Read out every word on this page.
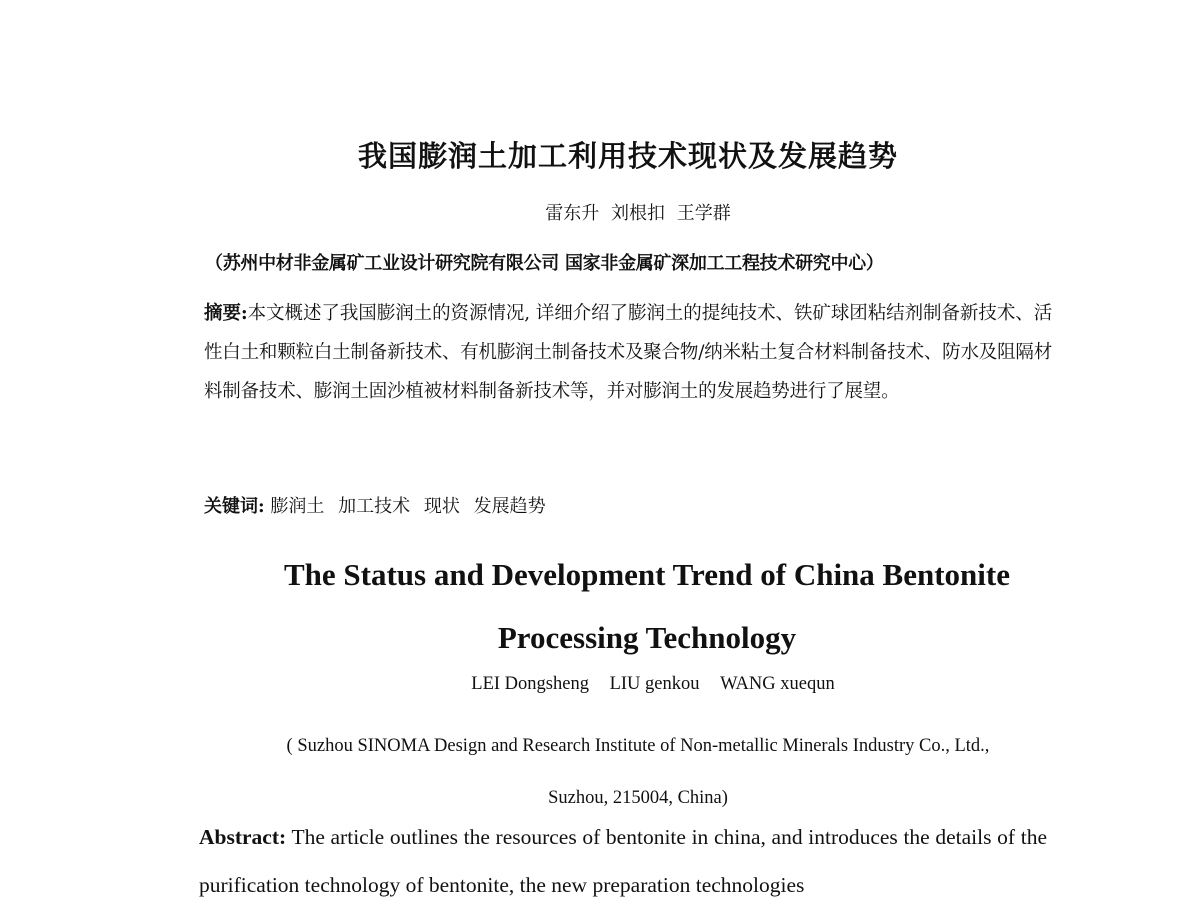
我国膨润土加工利用技术现状及发展趋势
雷东升 刘根扣 王学群
（苏州中材非金属矿工业设计研究院有限公司 国家非金属矿深加工工程技术研究中心）
摘要:本文概述了我国膨润土的资源情况, 详细介绍了膨润土的提纯技术、铁矿球团粘结剂制备新技术、活性白土和颗粒白土制备新技术、有机膨润土制备技术及聚合物/纳米粘土复合材料制备技术、防水及阻隔材料制备技术、膨润土固沙植被材料制备新技术等，并对膨润土的发展趋势进行了展望。
关键词: 膨润土 加工技术 现状 发展趋势
The Status and Development Trend of China Bentonite
Processing Technology
LEI Dongsheng LIU genkou WANG xuequn
( Suzhou SINOMA Design and Research Institute of Non-metallic Minerals Industry Co., Ltd.,
Suzhou, 215004, China)
Abstract: The article outlines the resources of bentonite in china, and introduces the details of the purification technology of bentonite, the new preparation technologies
